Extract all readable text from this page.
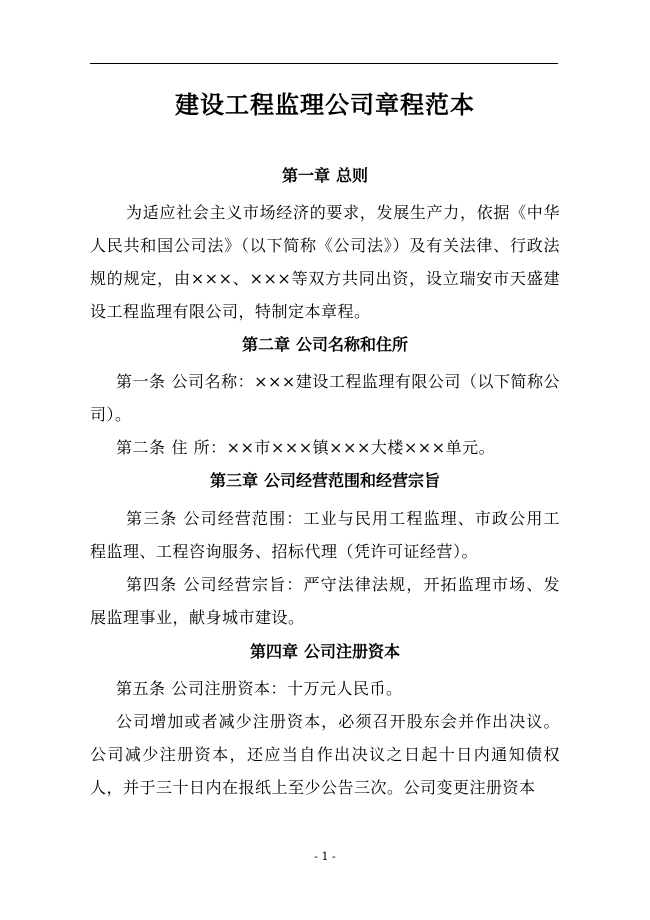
建设工程监理公司章程范本
第一章 总则
为适应社会主义市场经济的要求，发展生产力，依据《中华人民共和国公司法》（以下简称《公司法》）及有关法律、行政法规的规定，由×××、×××等双方共同出资，设立瑞安市天盛建设工程监理有限公司，特制定本章程。
第二章 公司名称和住所
第一条 公司名称：×××建设工程监理有限公司（以下简称公司）。
第二条 住 所：××市×××镇×××大楼×××单元。
第三章 公司经营范围和经营宗旨
第三条 公司经营范围：工业与民用工程监理、市政公用工程监理、工程咨询服务、招标代理（凭许可证经营）。
第四条 公司经营宗旨：严守法律法规，开拓监理市场、发展监理事业，献身城市建设。
第四章 公司注册资本
第五条 公司注册资本：十万元人民币。
公司增加或者减少注册资本，必须召开股东会并作出决议。公司减少注册资本，还应当自作出决议之日起十日内通知债权人，并于三十日内在报纸上至少公告三次。公司变更注册资本
- 1 -
